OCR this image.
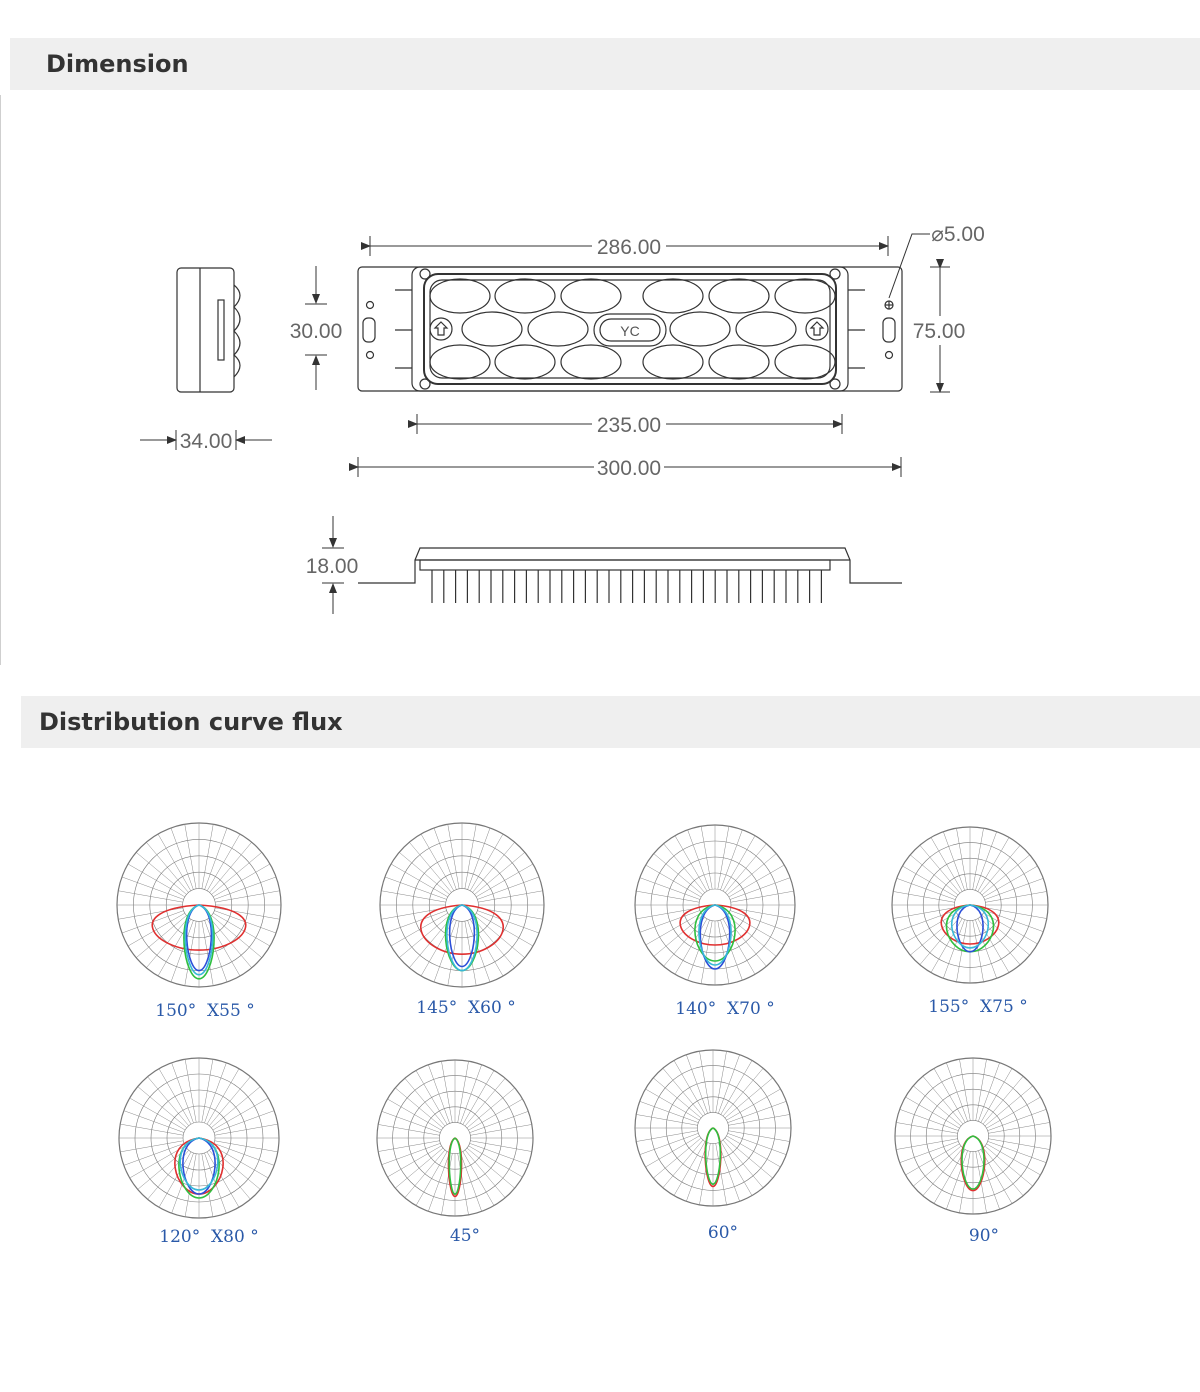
Dimension
286.00
⌀5.00
30.00	75.00
235.00
300.00
34.00
18.00
YC
Distribution curve flux
150°  X55 °	145°  X60 °	140°  X70 °	155°  X75 °
120°  X80 °	45°	60°	90°
